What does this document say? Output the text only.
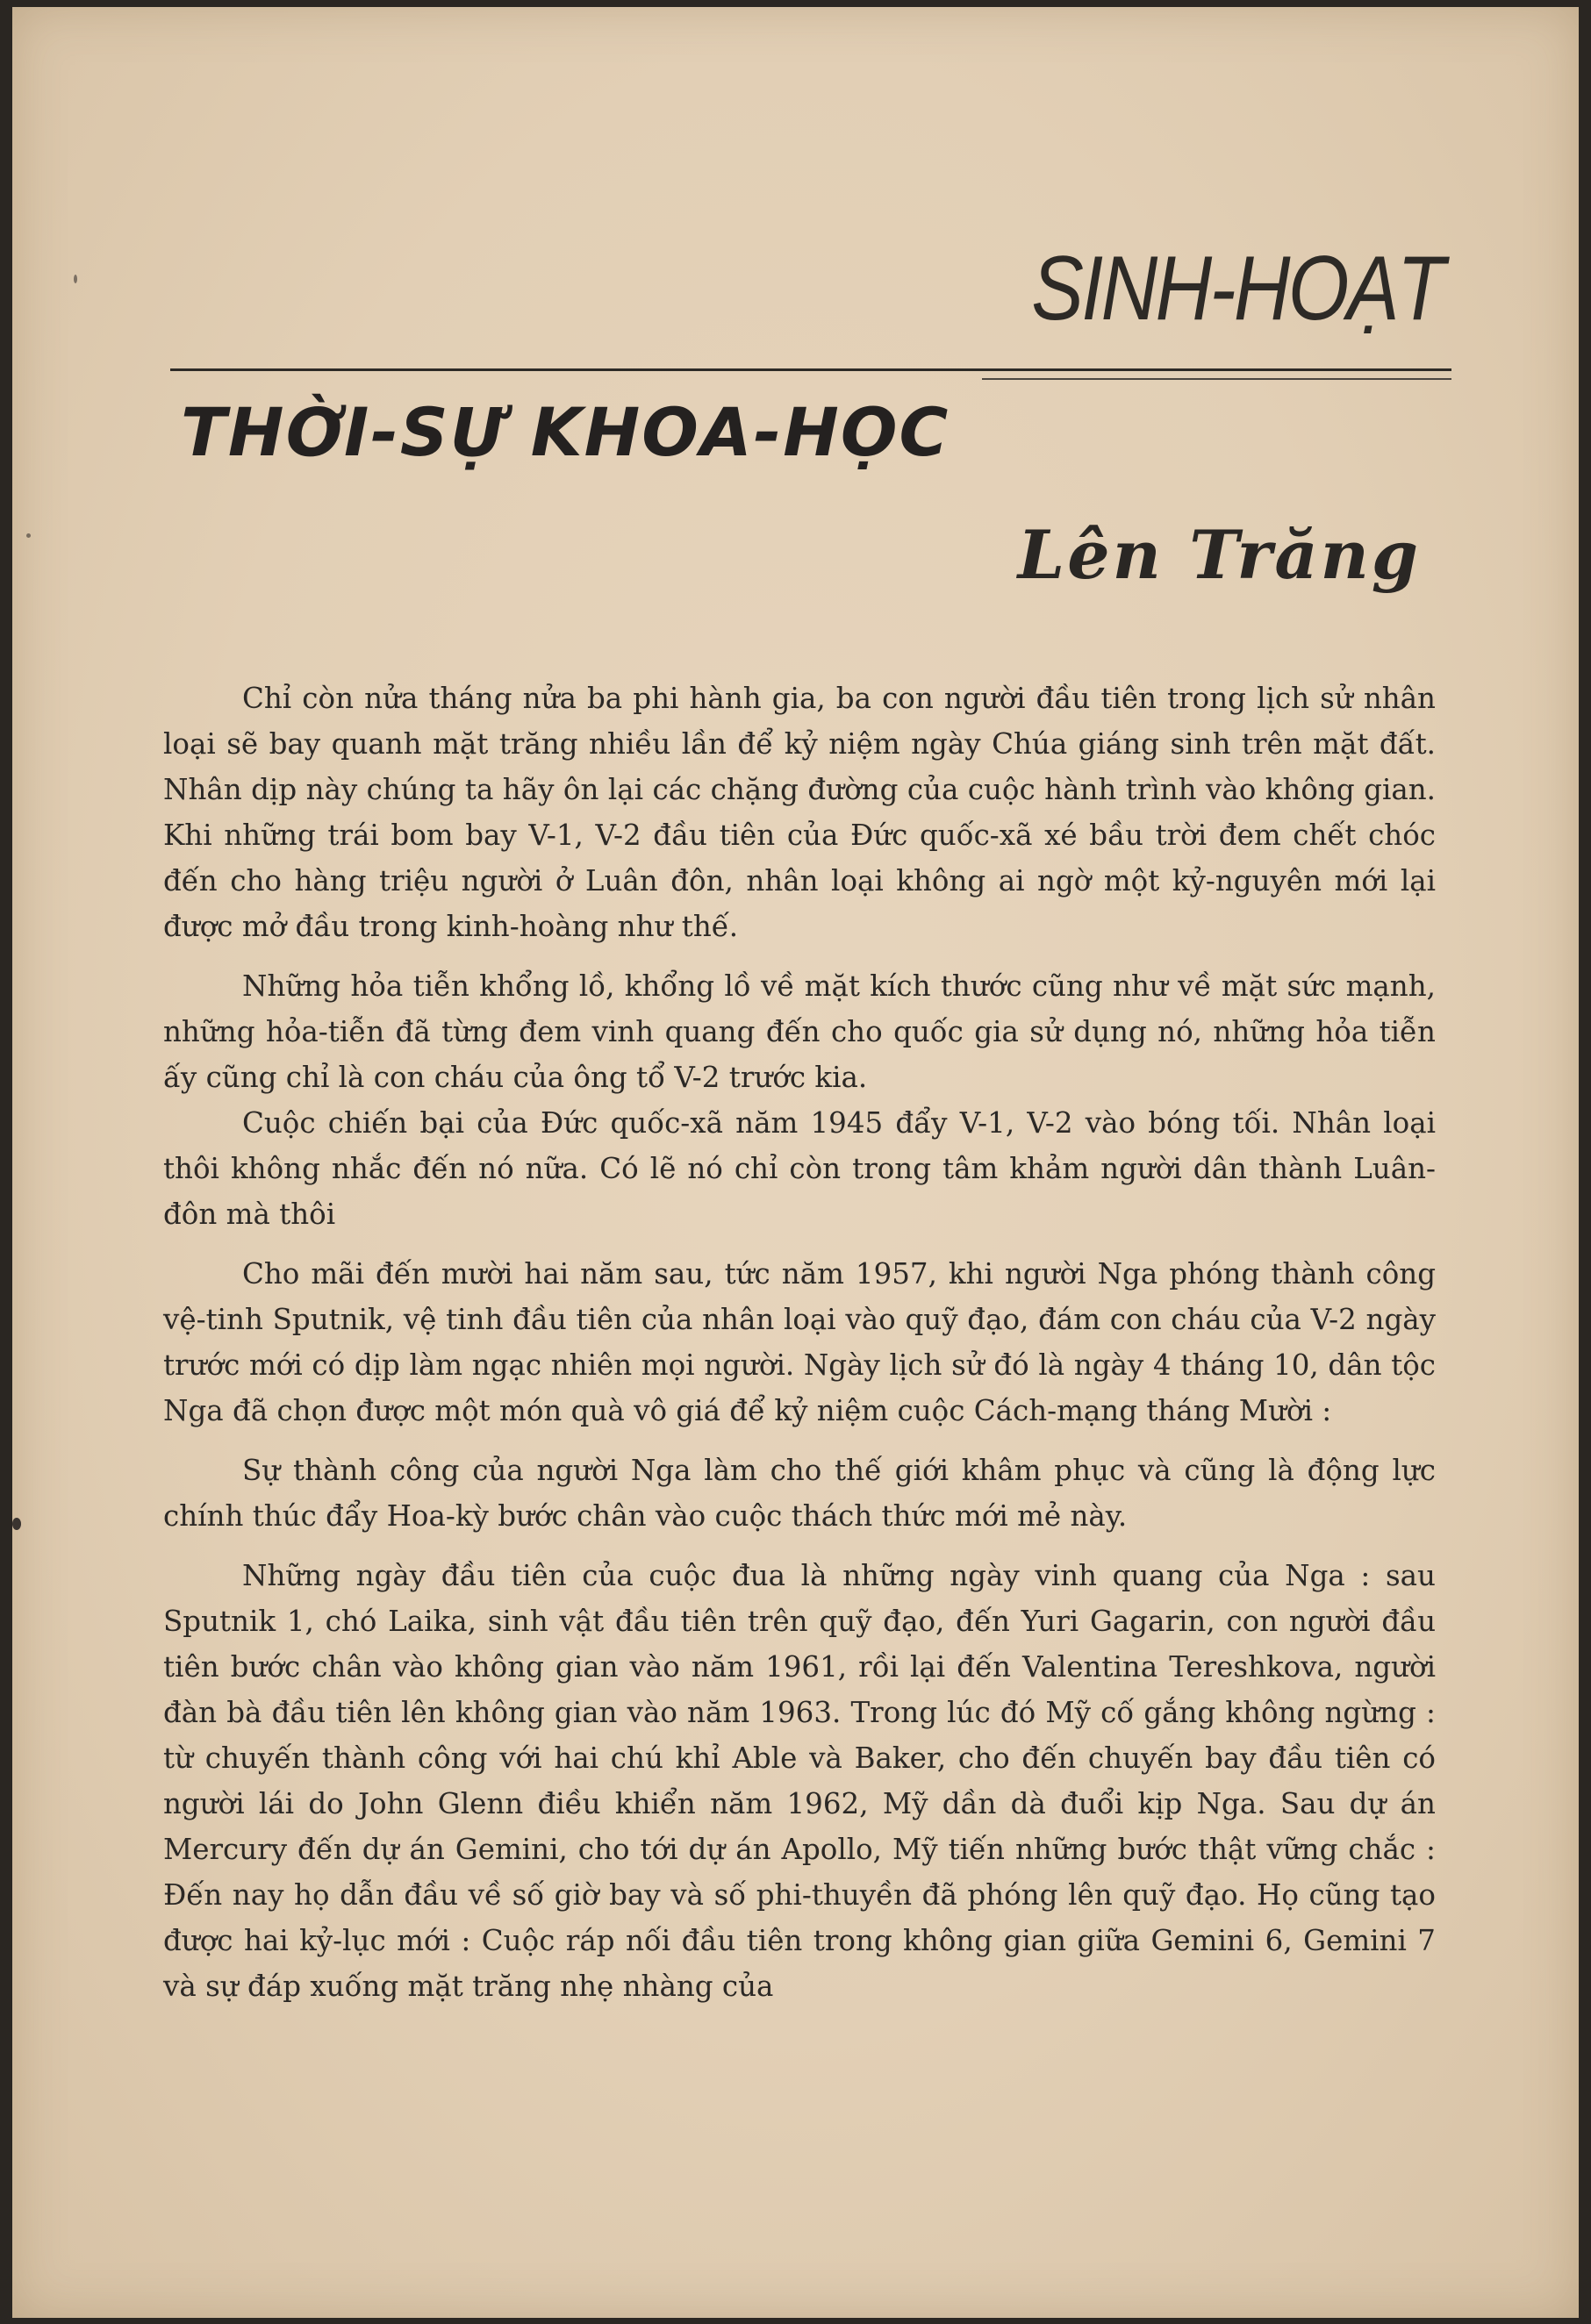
SINH-HOẠT
THỜI-SỰ KHOA-HỌC
Lên Trăng

Chỉ còn nửa tháng nửa ba phi hành gia, ba con người đầu tiên trong lịch sử nhân loại sẽ bay quanh mặt trăng nhiều lần để kỷ niệm ngày Chúa giáng sinh trên mặt đất. Nhân dịp này chúng ta hãy ôn lại các chặng đường của cuộc hành trình vào không gian. Khi những trái bom bay V-1, V-2 đầu tiên của Đức quốc-xã xé bầu trời đem chết chóc đến cho hàng triệu người ở Luân đôn, nhân loại không ai ngờ một kỷ-nguyên mới lại được mở đầu trong kinh-hoàng như thế.

Những hỏa tiễn khổng lồ, khổng lồ về mặt kích thước cũng như về mặt sức mạnh, những hỏa-tiễn đã từng đem vinh quang đến cho quốc gia sử dụng nó, những hỏa tiễn ấy cũng chỉ là con cháu của ông tổ V-2 trước kia.

Cuộc chiến bại của Đức quốc-xã năm 1945 đẩy V-1, V-2 vào bóng tối. Nhân loại thôi không nhắc đến nó nữa. Có lẽ nó chỉ còn trong tâm khảm người dân thành Luân-đôn mà thôi

Cho mãi đến mười hai năm sau, tức năm 1957, khi người Nga phóng thành công vệ-tinh Sputnik, vệ tinh đầu tiên của nhân loại vào quỹ đạo, đám con cháu của V-2 ngày trước mới có dịp làm ngạc nhiên mọi người. Ngày lịch sử đó là ngày 4 tháng 10, dân tộc Nga đã chọn được một món quà vô giá để kỷ niệm cuộc Cách-mạng tháng Mười :

Sự thành công của người Nga làm cho thế giới khâm phục và cũng là động lực chính thúc đẩy Hoa-kỳ bước chân vào cuộc thách thức mới mẻ này.

Những ngày đầu tiên của cuộc đua là những ngày vinh quang của Nga : sau Sputnik 1, chó Laika, sinh vật đầu tiên trên quỹ đạo, đến Yuri Gagarin, con người đầu tiên bước chân vào không gian vào năm 1961, rồi lại đến Valentina Tereshkova, người đàn bà đầu tiên lên không gian vào năm 1963. Trong lúc đó Mỹ cố gắng không ngừng : từ chuyến thành công với hai chú khỉ Able và Baker, cho đến chuyến bay đầu tiên có người lái do John Glenn điều khiển năm 1962, Mỹ dần dà đuổi kịp Nga. Sau dự án Mercury đến dự án Gemini, cho tới dự án Apollo, Mỹ tiến những bước thật vững chắc : Đến nay họ dẫn đầu về số giờ bay và số phi-thuyền đã phóng lên quỹ đạo. Họ cũng tạo được hai kỷ-lục mới : Cuộc ráp nối đầu tiên trong không gian giữa Gemini 6, Gemini 7 và sự đáp xuống mặt trăng nhẹ nhàng của
